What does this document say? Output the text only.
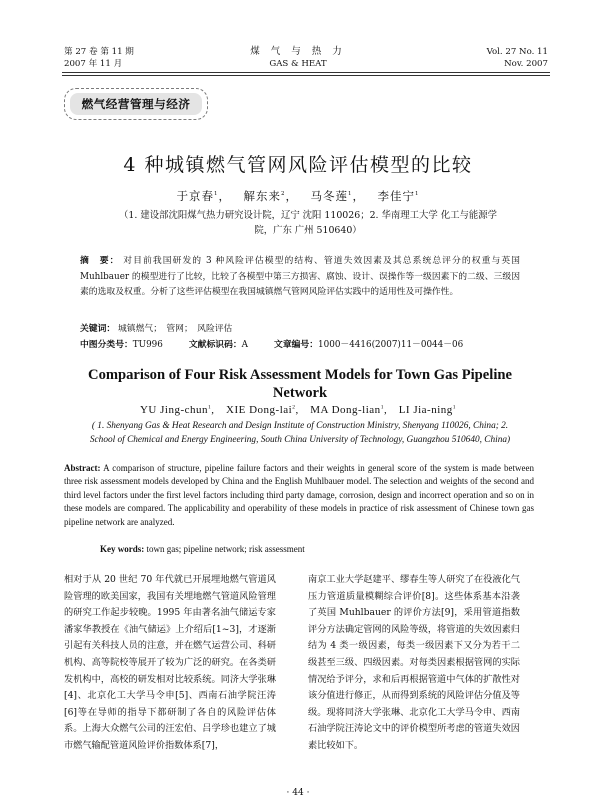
第 27 卷 第 11 期
2007 年 11 月
煤 气 与 热 力
GAS & HEAT
Vol. 27 No. 11
Nov. 2007
燃气经营管理与经济
4 种城镇燃气管网风险评估模型的比较
于京春$^1$， 解东来$^2$， 马冬莲$^1$， 李佳宁$^1$
（1. 建设部沈阳煤气热力研究设计院，辽宁 沈阳 110026；2. 华南理工大学 化工与能源学院，广东 广州 510640）
摘　要： 对目前我国研发的 3 种风险评估模型的结构、管道失效因素及其总系统总评分的权重与英国 Muhlbauer 的模型进行了比较，比较了各模型中第三方损害、腐蚀、设计、误操作等一级因素下的二级、三级因素的选取及权重。分析了这些评估模型在我国城镇燃气管网风险评估实践中的适用性及可操作性。
关键词： 城镇燃气；　管网；　风险评估
中图分类号：TU996	文献标识码：A	文章编号：1000－4416(2007)11－0044－06
Comparison of Four Risk Assessment Models for Town Gas Pipeline Network
YU Jing-chun$^1$, XIE Dong-lai$^2$, MA Dong-lian$^1$, LI Jia-ning$^1$
( 1. Shenyang Gas & Heat Research and Design Institute of Construction Ministry, Shenyang 110026, China; 2. School of Chemical and Energy Engineering, South China University of Technology, Guangzhou 510640, China)
Abstract: A comparison of structure, pipeline failure factors and their weights in general score of the system is made between three risk assessment models developed by China and the English Muhlbauer model. The selection and weights of the second and third level factors under the first level factors including third party damage, corrosion, design and incorrect operation and so on in these models are compared. The applicability and operability of these models in practice of risk assessment of Chinese town gas pipeline network are analyzed.
Key words: town gas; pipeline network; risk assessment
相对于从 20 世纪 70 年代就已开展埋地燃气管道风险管理的欧美国家，我国有关埋地燃气管道风险管理的研究工作起步较晚。1995 年由著名油气储运专家潘家华教授在《油气储运》上介绍后[1~3]，才逐渐引起有关科技人员的注意，并在燃气运营公司、科研机构、高等院校等展开了较为广泛的研究。在各类研发机构中，高校的研发相对比较系统。同济大学张琳[4]、北京化工大学马令申[5]、西南石油学院汪涛[6]等在导师的指导下都研制了各自的风险评估体系。上海大众燃气公司的汪宏伯、吕学珍也建立了城市燃气输配管道风险评价指数体系[7]，
南京工业大学赵建平、缪春生等人研究了在役液化气压力管道质量模糊综合评价[8]。这些体系基本沿袭了英国 Muhlbauer 的评价方法[9]，采用管道指数评分方法确定管网的风险等级，将管道的失效因素归结为 4 类一级因素，每类一级因素下又分为若干二级甚至三级、四级因素。对每类因素根据管网的实际情况给予评分，求和后再根据管道中气体的扩散性对该分值进行修正，从而得到系统的风险评估分值及等级。现将同济大学张琳、北京化工大学马令申、西南石油学院汪涛论文中的评价模型所考虑的管道失效因素比较如下。
· 44 ·
